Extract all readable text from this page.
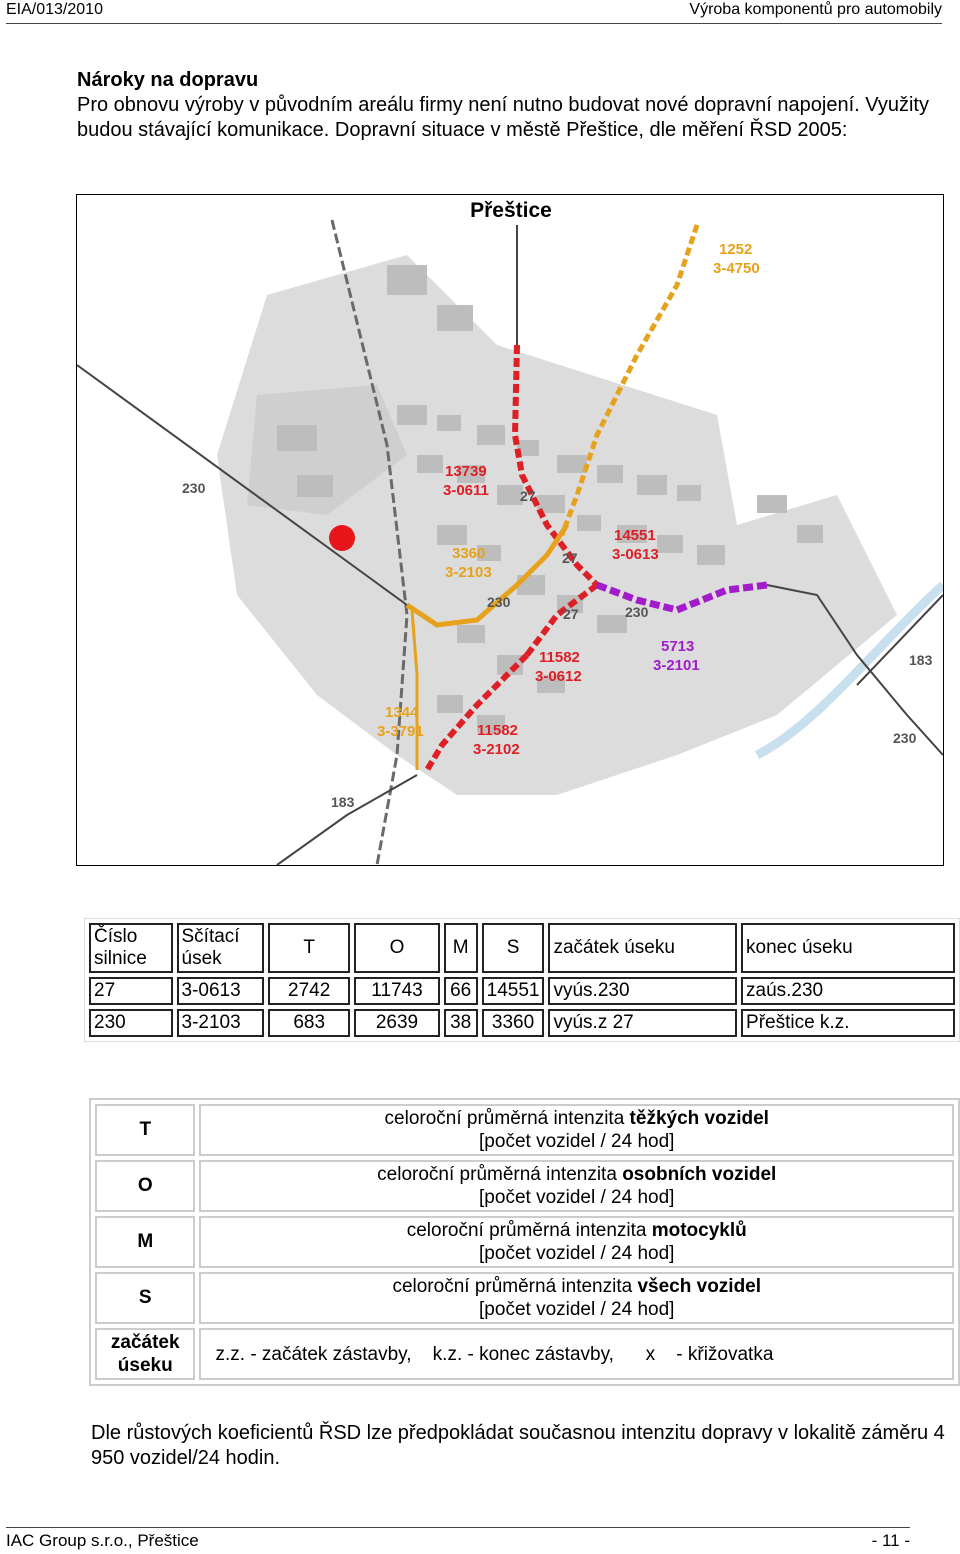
EIA/013/2010	Výroba komponentů pro automobily
Nároky na dopravu
Pro obnovu výroby v původním areálu firmy není nutno budovat nové dopravní napojení. Využity budou stávající komunikace. Dopravní situace v městě Přeštice, dle měření ŘSD 2005:
Přeštice
230
230
230
230
27
27
27
183
183
1252
3-4750
13739
3-0611
14551
3-0613
3360
3-2103
11582
3-0612
5713
3-2101
1344
3-3791	11582
3-2102
Číslo silnice	Sčítací úsek	T	O	M	S	začátek úseku	konec úseku
27	3-0613	2742	11743	66	14551	vyús.230	zaús.230
230	3-2103	683	2639	38	3360	vyús.z 27	Přeštice k.z.
T	celoroční průměrná intenzita těžkých vozidel
[počet vozidel / 24 hod]
O	celoroční průměrná intenzita osobních vozidel
[počet vozidel / 24 hod]
M	celoroční průměrná intenzita motocyklů
[počet vozidel / 24 hod]
S	celoroční průměrná intenzita všech vozidel
[počet vozidel / 24 hod]
začátek úseku	z.z. - začátek zástavby, k.z. - konec zástavby, x - křižovatka
Dle růstových koeficientů ŘSD lze předpokládat současnou intenzitu dopravy v lokalitě záměru 4 950 vozidel/24 hodin.
IAC Group s.r.o., Přeštice	- 11 -
